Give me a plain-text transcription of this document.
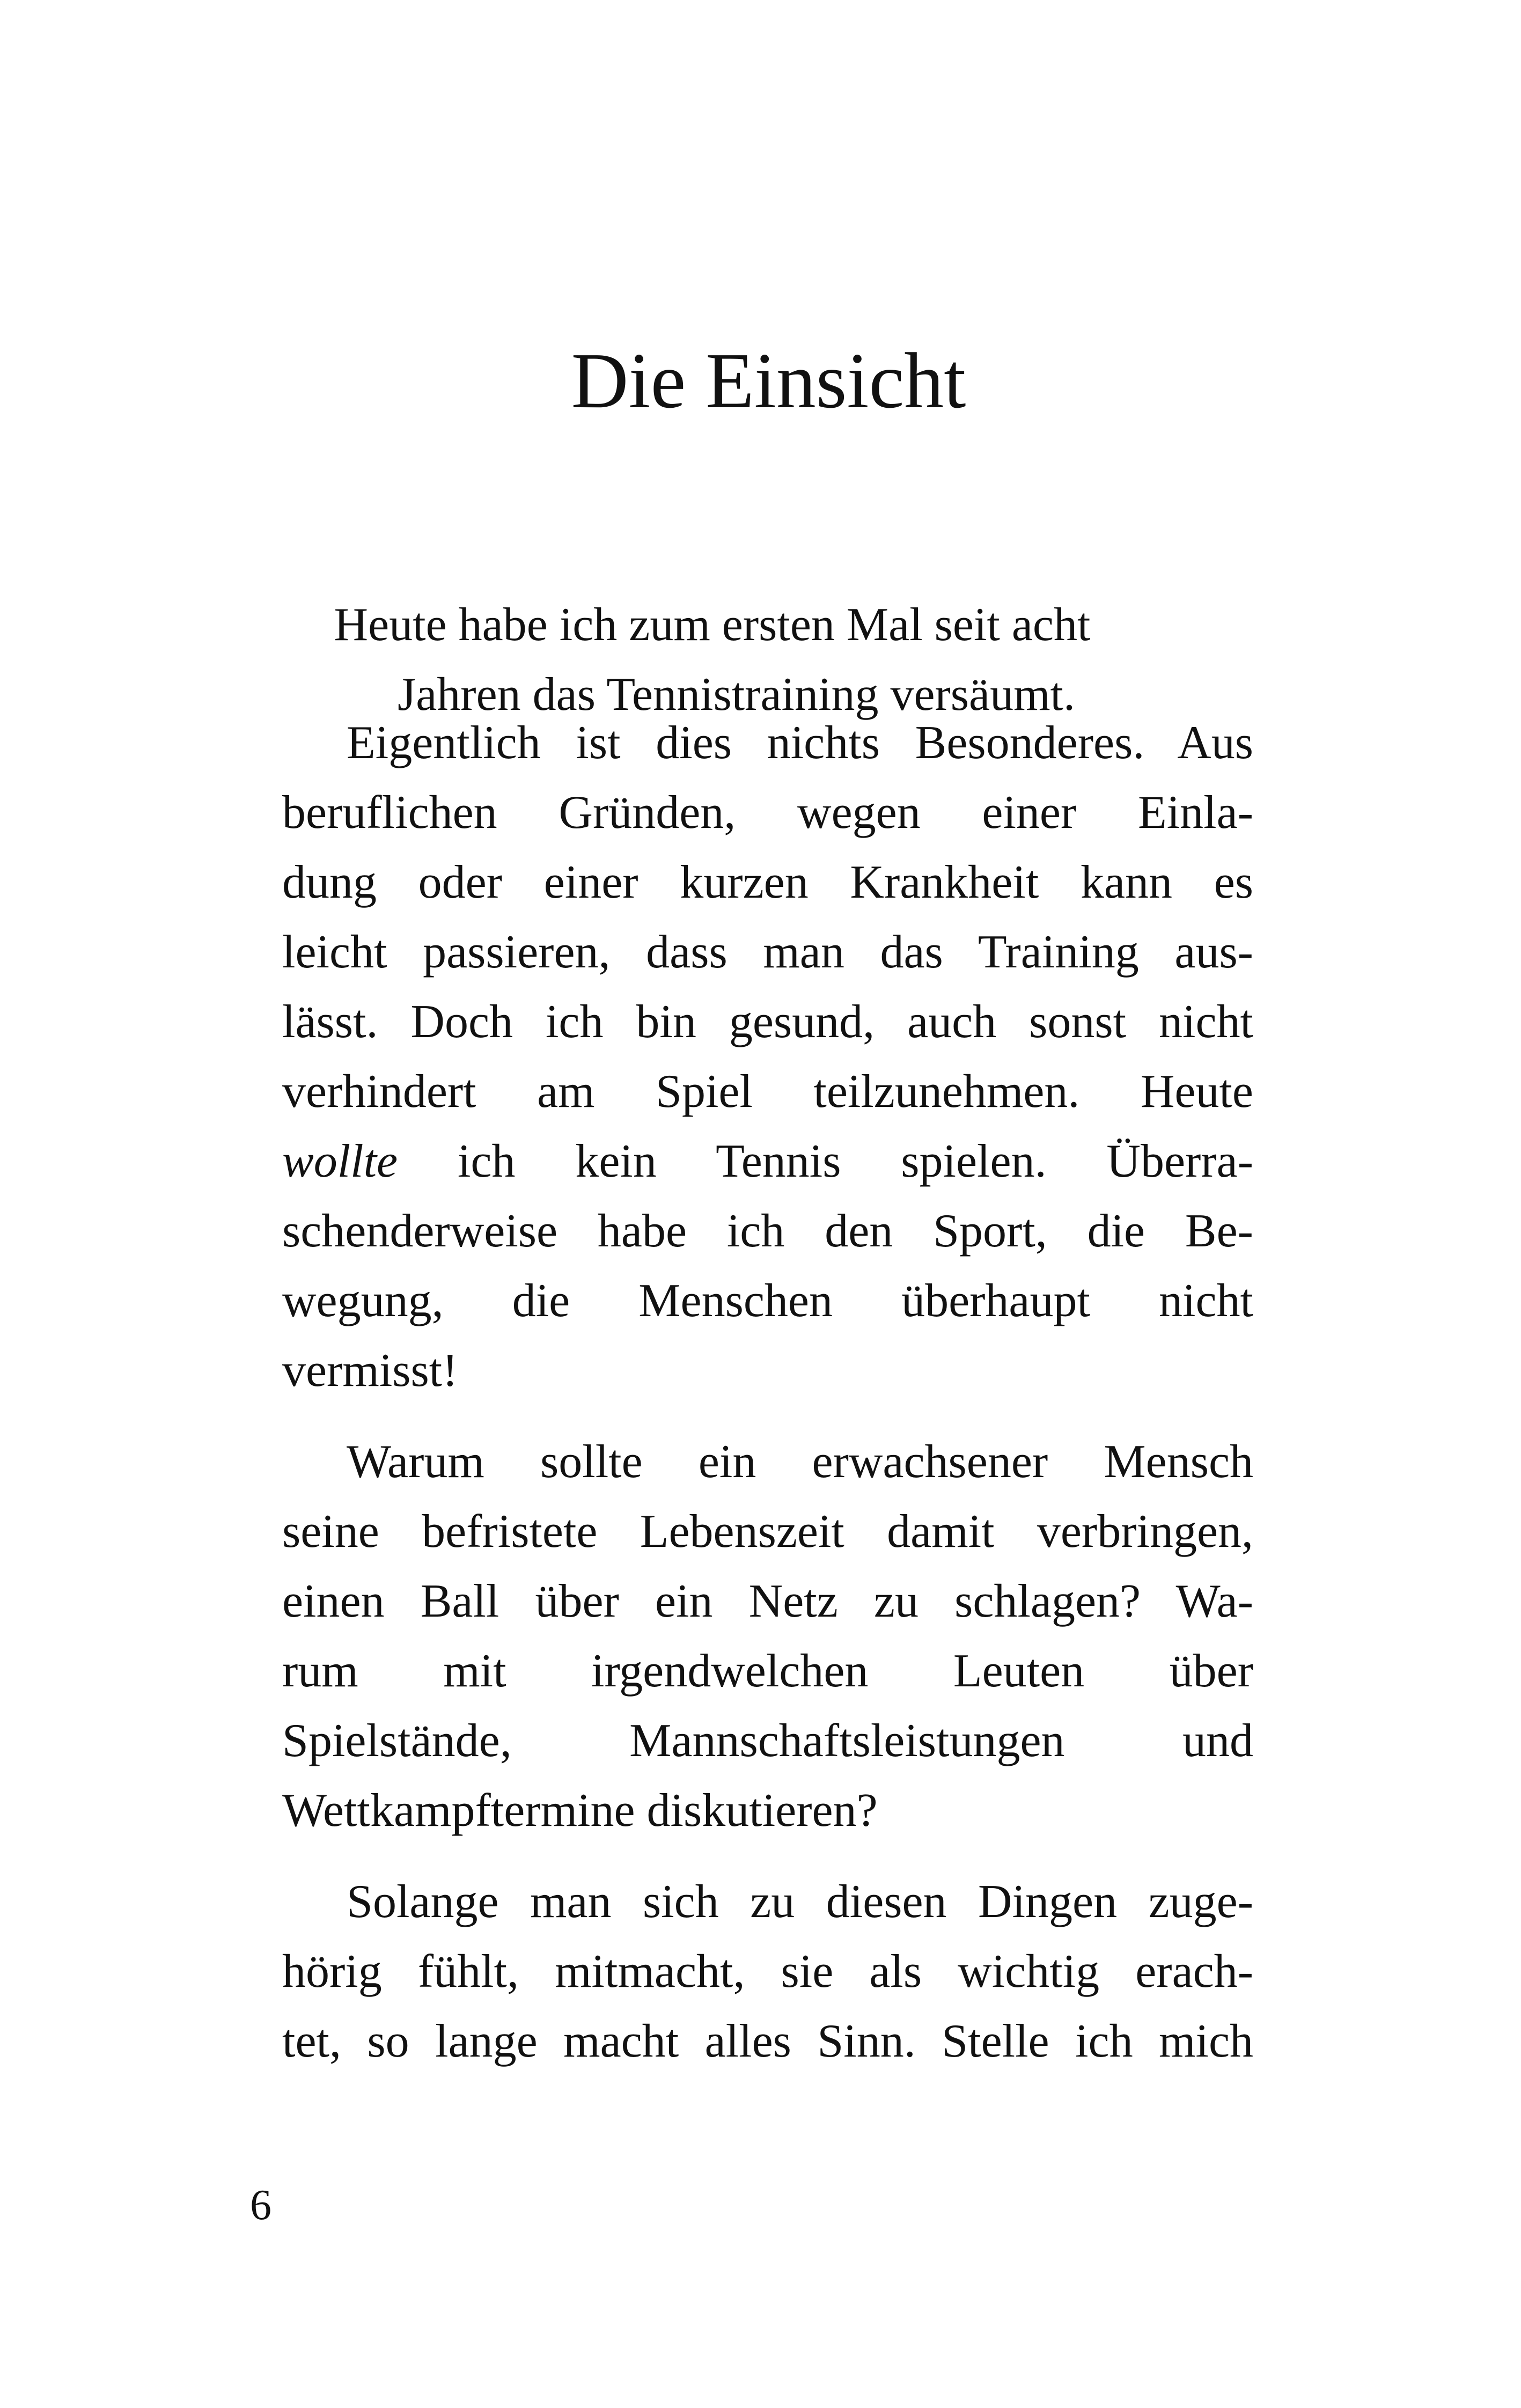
Die Einsicht

Heute habe ich zum ersten Mal seit acht
Jahren das Tennistraining versäumt.

Eigentlich ist dies nichts Besonderes. Aus
beruflichen Gründen, wegen einer Einla-
dung oder einer kurzen Krankheit kann es
leicht passieren, dass man das Training aus-
lässt. Doch ich bin gesund, auch sonst nicht
verhindert am Spiel teilzunehmen. Heute
wollte ich kein Tennis spielen. Überra-
schenderweise habe ich den Sport, die Be-
wegung, die Menschen überhaupt nicht
vermisst!
Warum sollte ein erwachsener Mensch
seine befristete Lebenszeit damit verbringen,
einen Ball über ein Netz zu schlagen? Wa-
rum mit irgendwelchen Leuten über
Spielstände, Mannschaftsleistungen und
Wettkampftermine diskutieren?
Solange man sich zu diesen Dingen zuge-
hörig fühlt, mitmacht, sie als wichtig erach-
tet, so lange macht alles Sinn. Stelle ich mich
6
